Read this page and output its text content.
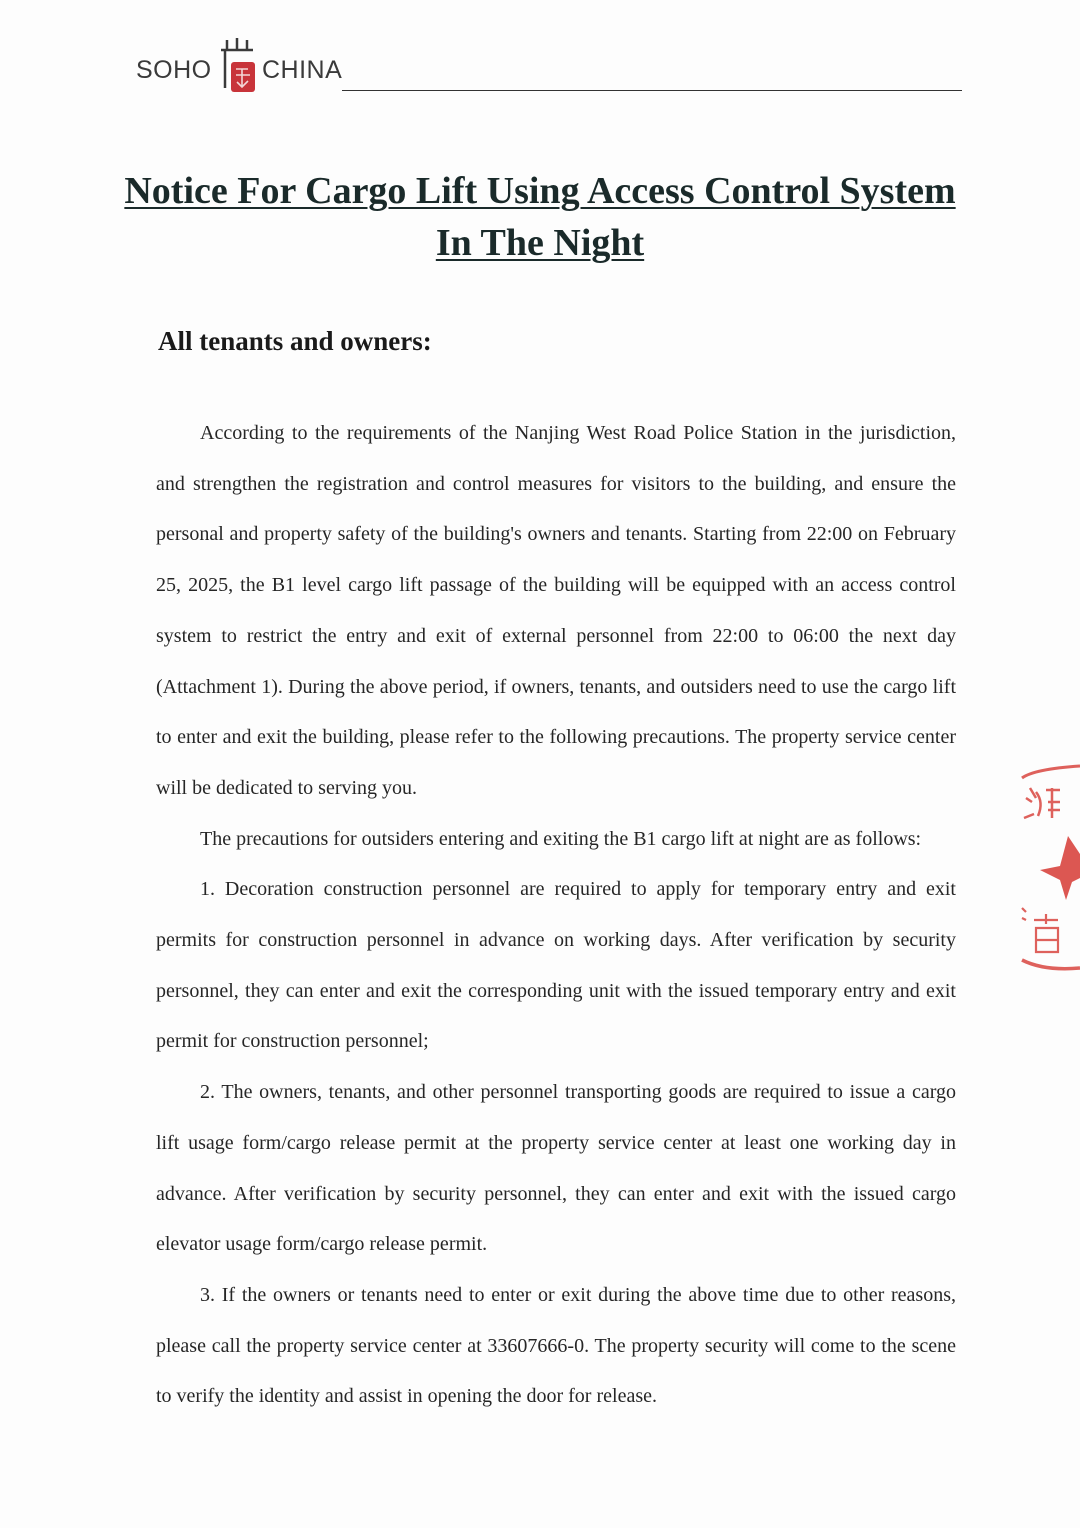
SOHO CHINA
Notice For Cargo Lift Using Access Control System In The Night
All tenants and owners:

According to the requirements of the Nanjing West Road Police Station in the jurisdiction, and strengthen the registration and control measures for visitors to the building, and ensure the personal and property safety of the building's owners and tenants. Starting from 22:00 on February 25, 2025, the B1 level cargo lift passage of the building will be equipped with an access control system to restrict the entry and exit of external personnel from 22:00 to 06:00 the next day (Attachment 1). During the above period, if owners, tenants, and outsiders need to use the cargo lift to enter and exit the building, please refer to the following precautions. The property service center will be dedicated to serving you.

The precautions for outsiders entering and exiting the B1 cargo lift at night are as follows:

1. Decoration construction personnel are required to apply for temporary entry and exit permits for construction personnel in advance on working days. After verification by security personnel, they can enter and exit the corresponding unit with the issued temporary entry and exit permit for construction personnel;

2. The owners, tenants, and other personnel transporting goods are required to issue a cargo lift usage form/cargo release permit at the property service center at least one working day in advance. After verification by security personnel, they can enter and exit with the issued cargo elevator usage form/cargo release permit.

3. If the owners or tenants need to enter or exit during the above time due to other reasons, please call the property service center at 33607666-0. The property security will come to the scene to verify the identity and assist in opening the door for release.
